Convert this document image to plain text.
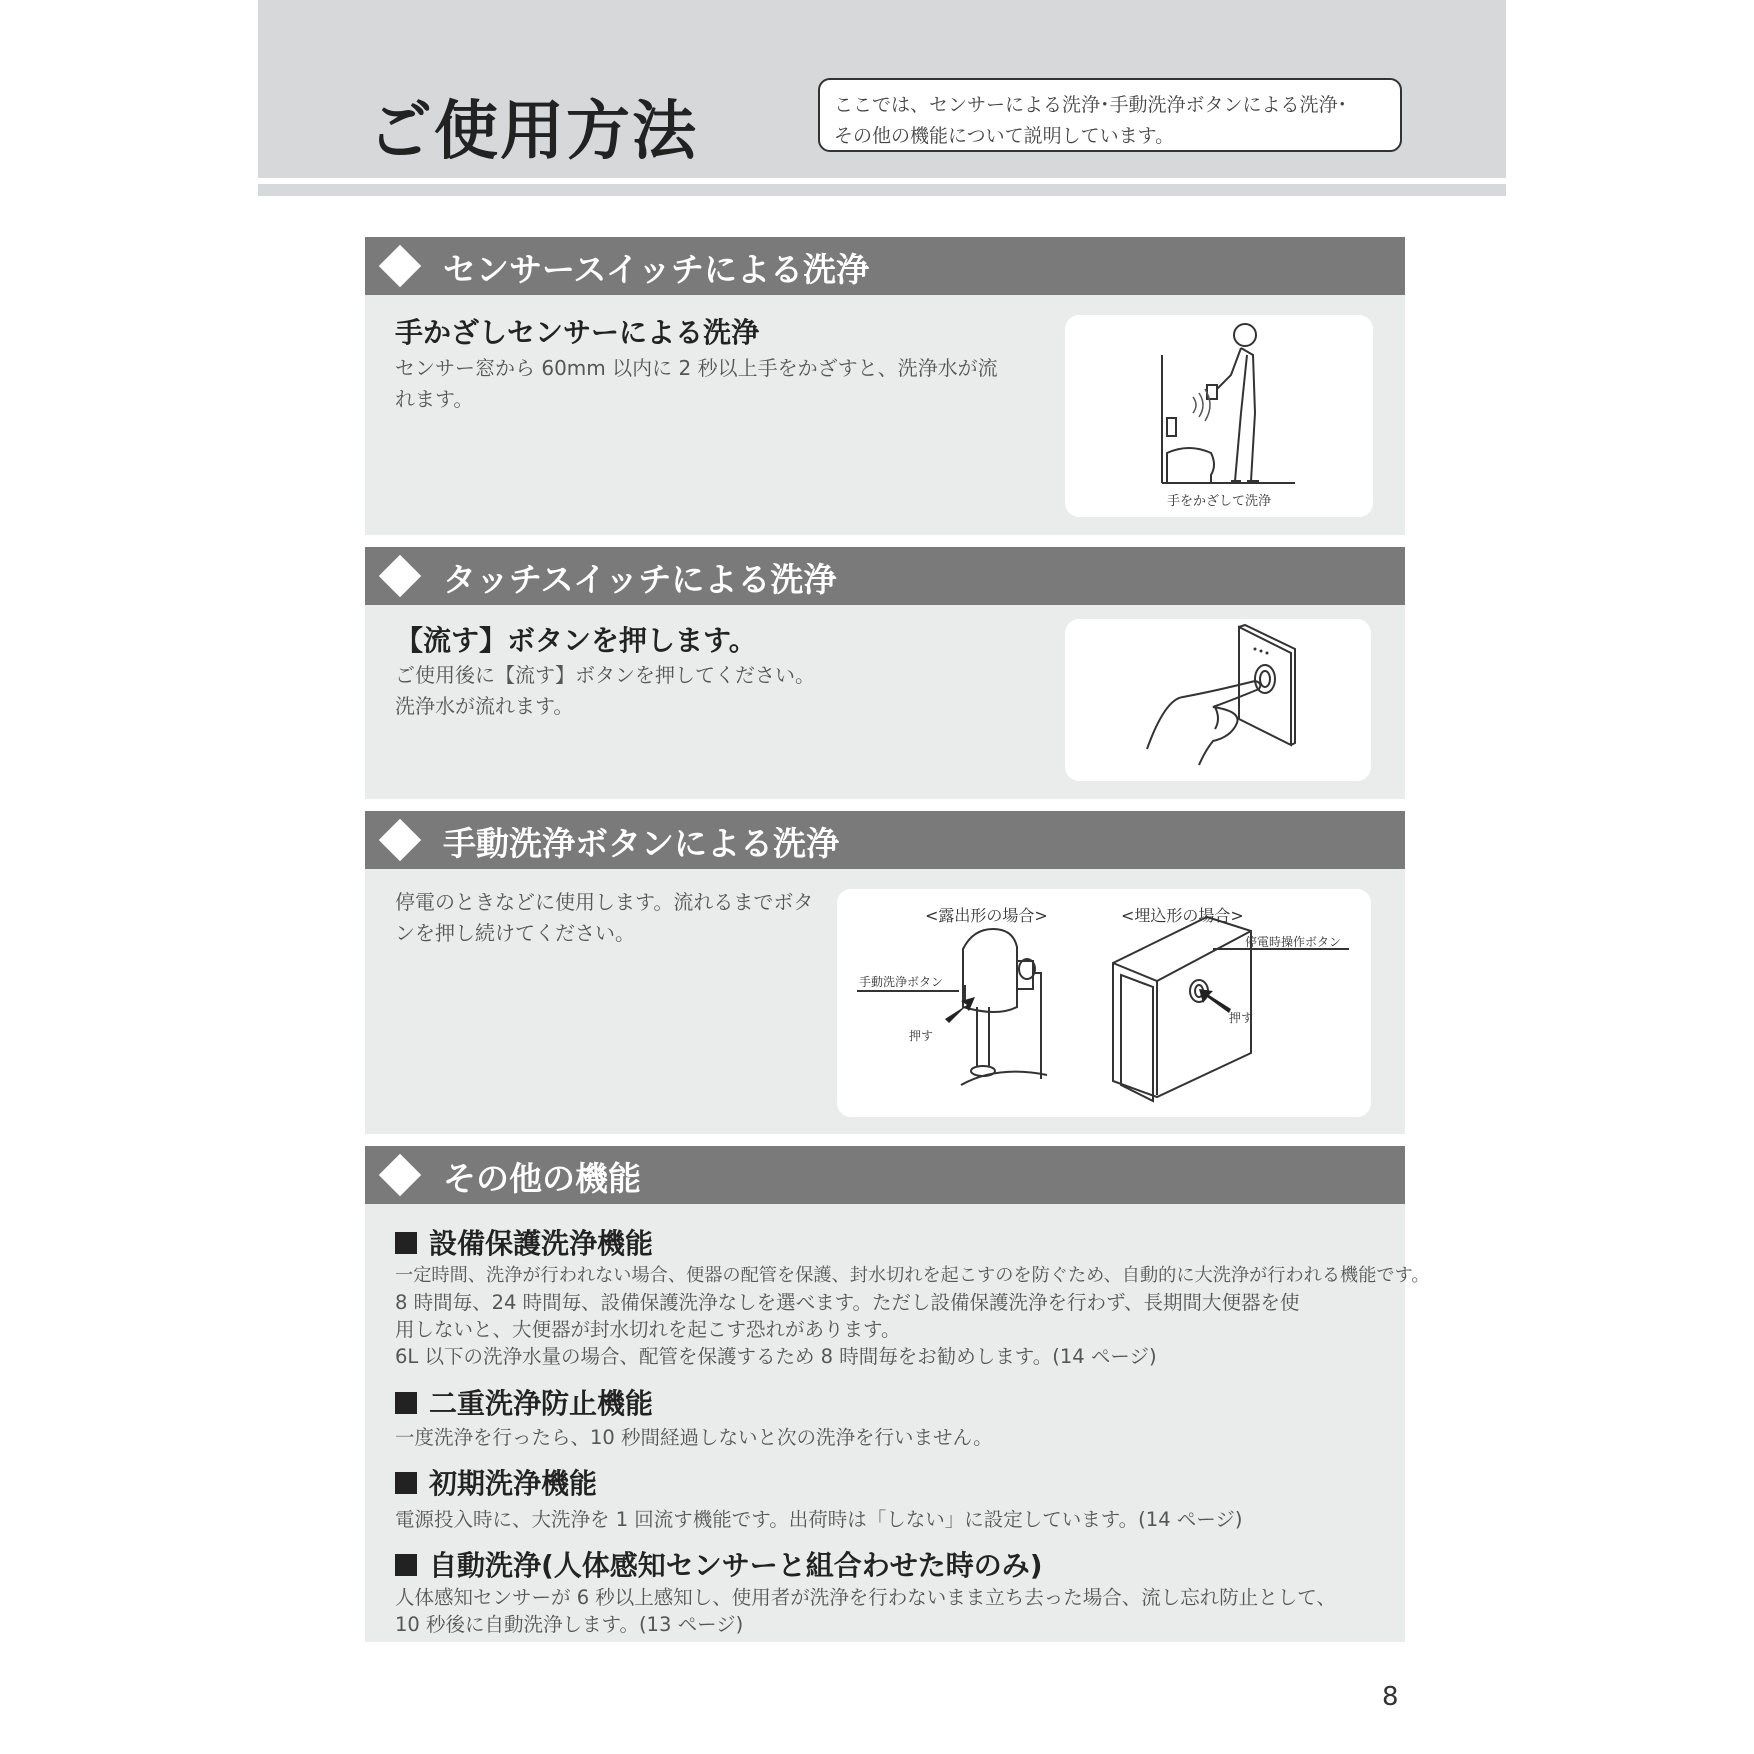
ご使用方法	ここでは、センサーによる洗浄･手動洗浄ボタンによる洗浄･
その他の機能について説明しています。
センサースイッチによる洗浄
手かざしセンサーによる洗浄
センサー窓から 60mm 以内に 2 秒以上手をかざすと、洗浄水が流
れます。
手をかざして洗浄
タッチスイッチによる洗浄
【流す】ボタンを押します。
ご使用後に【流す】ボタンを押してください。
洗浄水が流れます。
手動洗浄ボタンによる洗浄
停電のときなどに使用します。流れるまでボタ
ンを押し続けてください。
<露出形の場合>	<埋込形の場合>
手動洗浄ボタン
押す
停電時操作ボタン
押す
その他の機能
設備保護洗浄機能
一定時間、洗浄が行われない場合、便器の配管を保護、封水切れを起こすのを防ぐため、自動的に大洗浄が行われる機能です。
8 時間毎、24 時間毎、設備保護洗浄なしを選べます。ただし設備保護洗浄を行わず、長期間大便器を使
用しないと、大便器が封水切れを起こす恐れがあります。
6L 以下の洗浄水量の場合、配管を保護するため 8 時間毎をお勧めします。(14 ページ)
二重洗浄防止機能
一度洗浄を行ったら、10 秒間経過しないと次の洗浄を行いません。
初期洗浄機能
電源投入時に、大洗浄を 1 回流す機能です。出荷時は「しない」に設定しています。(14 ページ)
自動洗浄(人体感知センサーと組合わせた時のみ)
人体感知センサーが 6 秒以上感知し、使用者が洗浄を行わないまま立ち去った場合、流し忘れ防止として、
10 秒後に自動洗浄します。(13 ページ)
8
